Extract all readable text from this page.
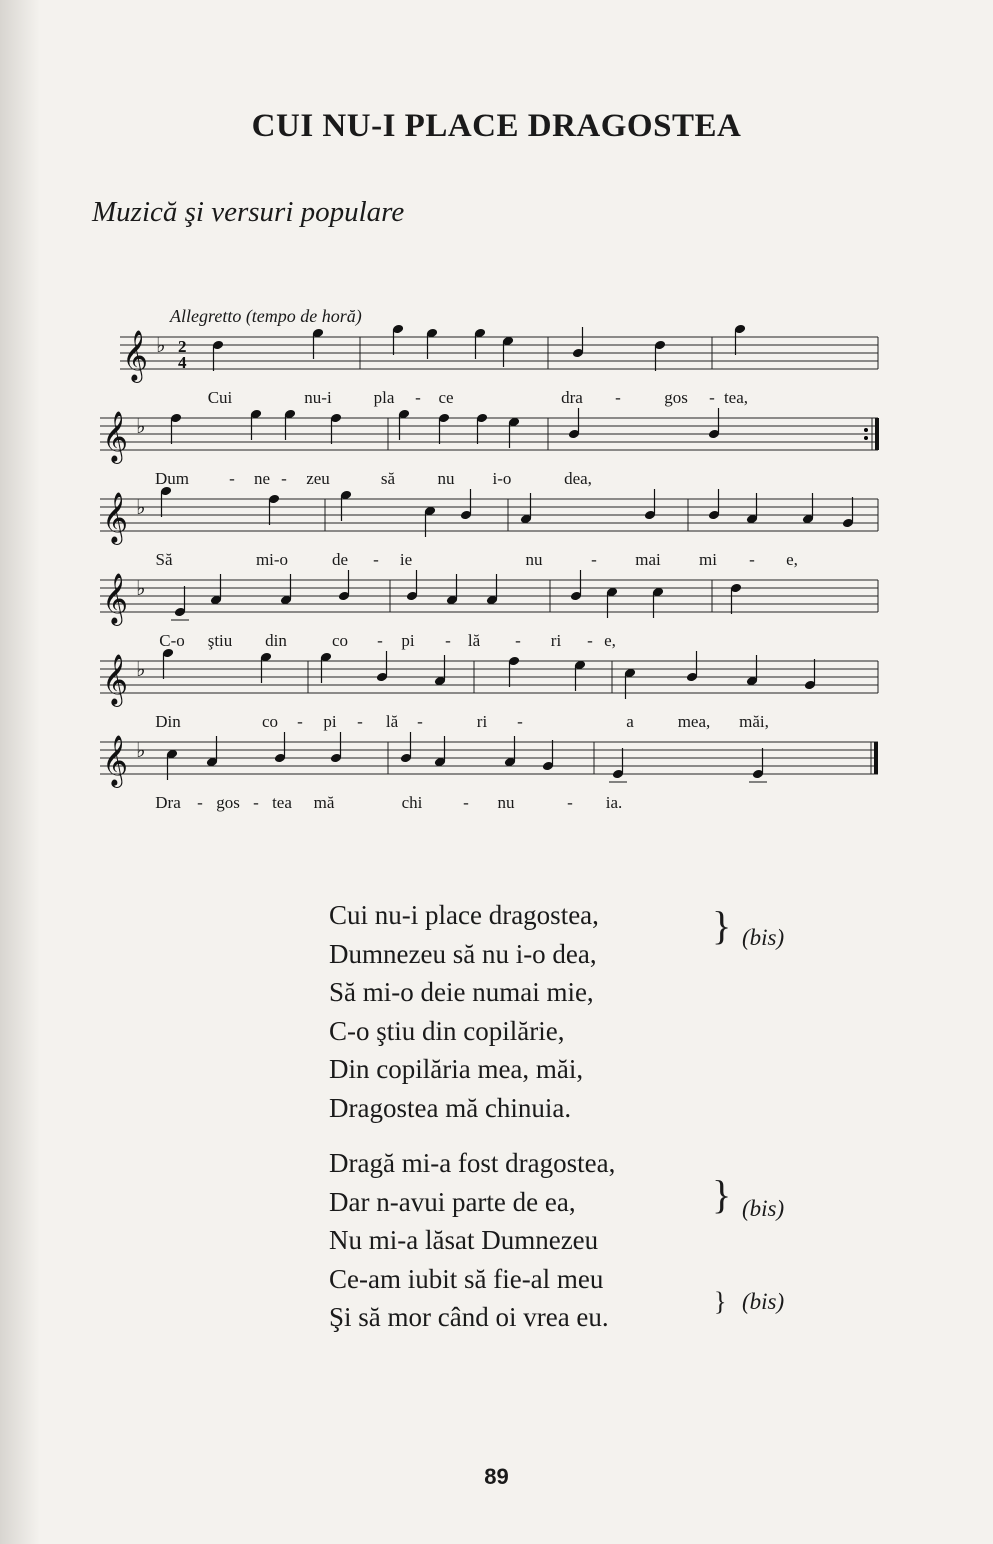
CUI NU-I PLACE DRAGOSTEA
Muzică şi versuri populare
Allegretto (tempo de horă)
𝄞 ♭ 2
4
𝄞 ♭
𝄞 ♭
𝄞 ♭
𝄞 ♭
𝄞 ♭
Cui	nu-i pla - ce	dra -	gos - tea,
Dum - ne - zeu	să nu i-o	dea,
Să	mi-o	de - ie	nu	- mai mi - e,
C-o ştiu din	co - pi - lă - ri - e,
Din	co - pi - lă -	ri -	a	mea, măi,
Dra - gos - tea mă	chi - nu	- ia.
Cui nu-i place dragostea,
Dumnezeu să nu i-o dea,
Să mi-o deie numai mie,
C-o ştiu din copilărie,
Din copilăria mea, măi,
Dragostea mă chinuia.
Dragă mi-a fost dragostea,
Dar n-avui parte de ea,
Nu mi-a lăsat Dumnezeu
Ce-am iubit să fie-al meu
Şi să mor când oi vrea eu.
} (bis)
} (bis)
} (bis)
89
